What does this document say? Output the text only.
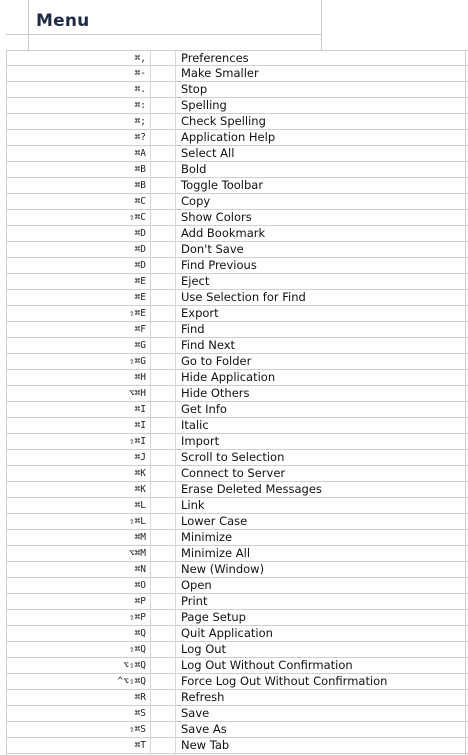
Menu
⌘,	Preferences
⌘-	Make Smaller
⌘.	Stop
⌘:	Spelling
⌘;	Check Spelling
⌘?	Application Help
⌘A	Select All
⌘B	Bold
⌘B	Toggle Toolbar
⌘C	Copy
⇧⌘C	Show Colors
⌘D	Add Bookmark
⌘D	Don't Save
⌘D	Find Previous
⌘E	Eject
⌘E	Use Selection for Find
⇧⌘E	Export
⌘F	Find
⌘G	Find Next
⇧⌘G	Go to Folder
⌘H	Hide Application
⌥⌘H	Hide Others
⌘I	Get Info
⌘I	Italic
⇧⌘I	Import
⌘J	Scroll to Selection
⌘K	Connect to Server
⌘K	Erase Deleted Messages
⌘L	Link
⇧⌘L	Lower Case
⌘M	Minimize
⌥⌘M	Minimize All
⌘N	New (Window)
⌘O	Open
⌘P	Print
⇧⌘P	Page Setup
⌘Q	Quit Application
⇧⌘Q	Log Out
⌥⇧⌘Q	Log Out Without Confirmation
^⌥⇧⌘Q	Force Log Out Without Confirmation
⌘R	Refresh
⌘S	Save
⇧⌘S	Save As
⌘T	New Tab
